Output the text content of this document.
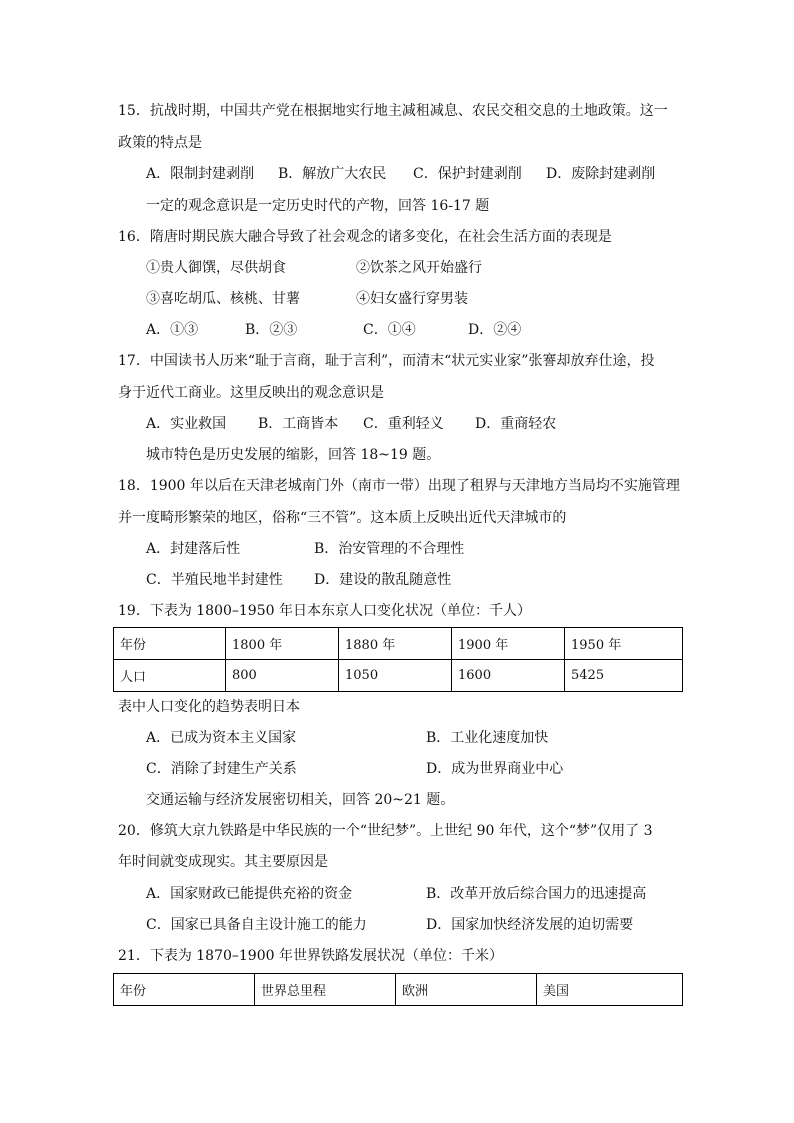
15．抗战时期，中国共产党在根据地实行地主减租减息、农民交租交息的土地政策。这一
政策的特点是
A．限制封建剥削 B．解放广大农民 C．保护封建剥削 D．废除封建剥削
一定的观念意识是一定历史时代的产物，回答 16-17 题
16．隋唐时期民族大融合导致了社会观念的诸多变化，在社会生活方面的表现是
①贵人御馔，尽供胡食	②饮茶之风开始盛行
③喜吃胡瓜、核桃、甘薯	④妇女盛行穿男装
A．①③	B．②③	C．①④	D．②④
17．中国读书人历来“耻于言商，耻于言利”，而清末“状元实业家”张謇却放弃仕途，投
身于近代工商业。这里反映出的观念意识是
A．实业救国 B．工商皆本 C．重利轻义 D．重商轻农
城市特色是历史发展的缩影，回答 18~19 题。
18．1900 年以后在天津老城南门外（南市一带）出现了租界与天津地方当局均不实施管理
并一度畸形繁荣的地区，俗称“三不管”。这本质上反映出近代天津城市的
A．封建落后性	B．治安管理的不合理性
C．半殖民地半封建性 D．建设的散乱随意性
19．下表为 1800–1950 年日本东京人口变化状况（单位：千人）
年份	1800 年	1880 年	1900 年	1950 年
人口	800	1050	1600	5425
表中人口变化的趋势表明日本
A．已成为资本主义国家	B．工业化速度加快
C．消除了封建生产关系	D．成为世界商业中心
交通运输与经济发展密切相关，回答 20~21 题。
20．修筑大京九铁路是中华民族的一个“世纪梦”。上世纪 90 年代，这个“梦”仅用了 3
年时间就变成现实。其主要原因是
A．国家财政已能提供充裕的资金	B．改革开放后综合国力的迅速提高
C．国家已具备自主设计施工的能力	D．国家加快经济发展的迫切需要
21．下表为 1870–1900 年世界铁路发展状况（单位：千米）
年份	世界总里程	欧洲	美国
